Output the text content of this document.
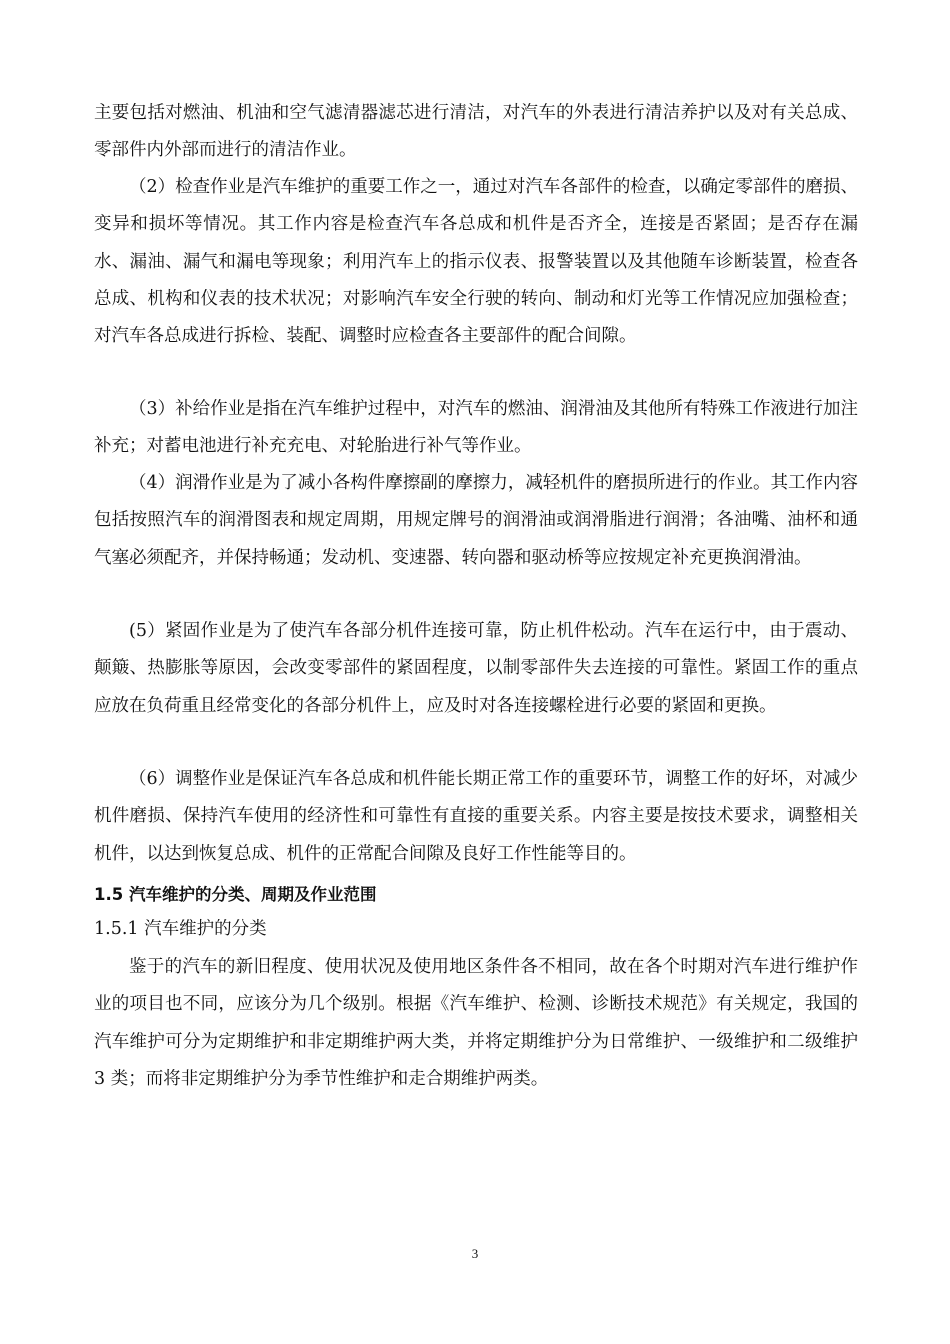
主要包括对燃油、机油和空气滤清器滤芯进行清洁，对汽车的外表进行清洁养护以及对有关总成、零部件内外部而进行的清洁作业。

（2）检查作业是汽车维护的重要工作之一，通过对汽车各部件的检查，以确定零部件的磨损、变异和损坏等情况。其工作内容是检查汽车各总成和机件是否齐全，连接是否紧固；是否存在漏水、漏油、漏气和漏电等现象；利用汽车上的指示仪表、报警装置以及其他随车诊断装置，检查各总成、机构和仪表的技术状况；对影响汽车安全行驶的转向、制动和灯光等工作情况应加强检查；对汽车各总成进行拆检、装配、调整时应检查各主要部件的配合间隙。

（3）补给作业是指在汽车维护过程中，对汽车的燃油、润滑油及其他所有特殊工作液进行加注补充；对蓄电池进行补充充电、对轮胎进行补气等作业。

（4）润滑作业是为了减小各构件摩擦副的摩擦力，减轻机件的磨损所进行的作业。其工作内容包括按照汽车的润滑图表和规定周期，用规定牌号的润滑油或润滑脂进行润滑；各油嘴、油杯和通气塞必须配齐，并保持畅通；发动机、变速器、转向器和驱动桥等应按规定补充更换润滑油。

(5）紧固作业是为了使汽车各部分机件连接可靠，防止机件松动。汽车在运行中，由于震动、颠簸、热膨胀等原因，会改变零部件的紧固程度，以制零部件失去连接的可靠性。紧固工作的重点应放在负荷重且经常变化的各部分机件上，应及时对各连接螺栓进行必要的紧固和更换。

（6）调整作业是保证汽车各总成和机件能长期正常工作的重要环节，调整工作的好坏，对减少机件磨损、保持汽车使用的经济性和可靠性有直接的重要关系。内容主要是按技术要求，调整相关机件，以达到恢复总成、机件的正常配合间隙及良好工作性能等目的。

1.5 汽车维护的分类、周期及作业范围
1.5.1 汽车维护的分类

鉴于的汽车的新旧程度、使用状况及使用地区条件各不相同，故在各个时期对汽车进行维护作业的项目也不同，应该分为几个级别。根据《汽车维护、检测、诊断技术规范》有关规定，我国的汽车维护可分为定期维护和非定期维护两大类，并将定期维护分为日常维护、一级维护和二级维护 3 类；而将非定期维护分为季节性维护和走合期维护两类。

3
